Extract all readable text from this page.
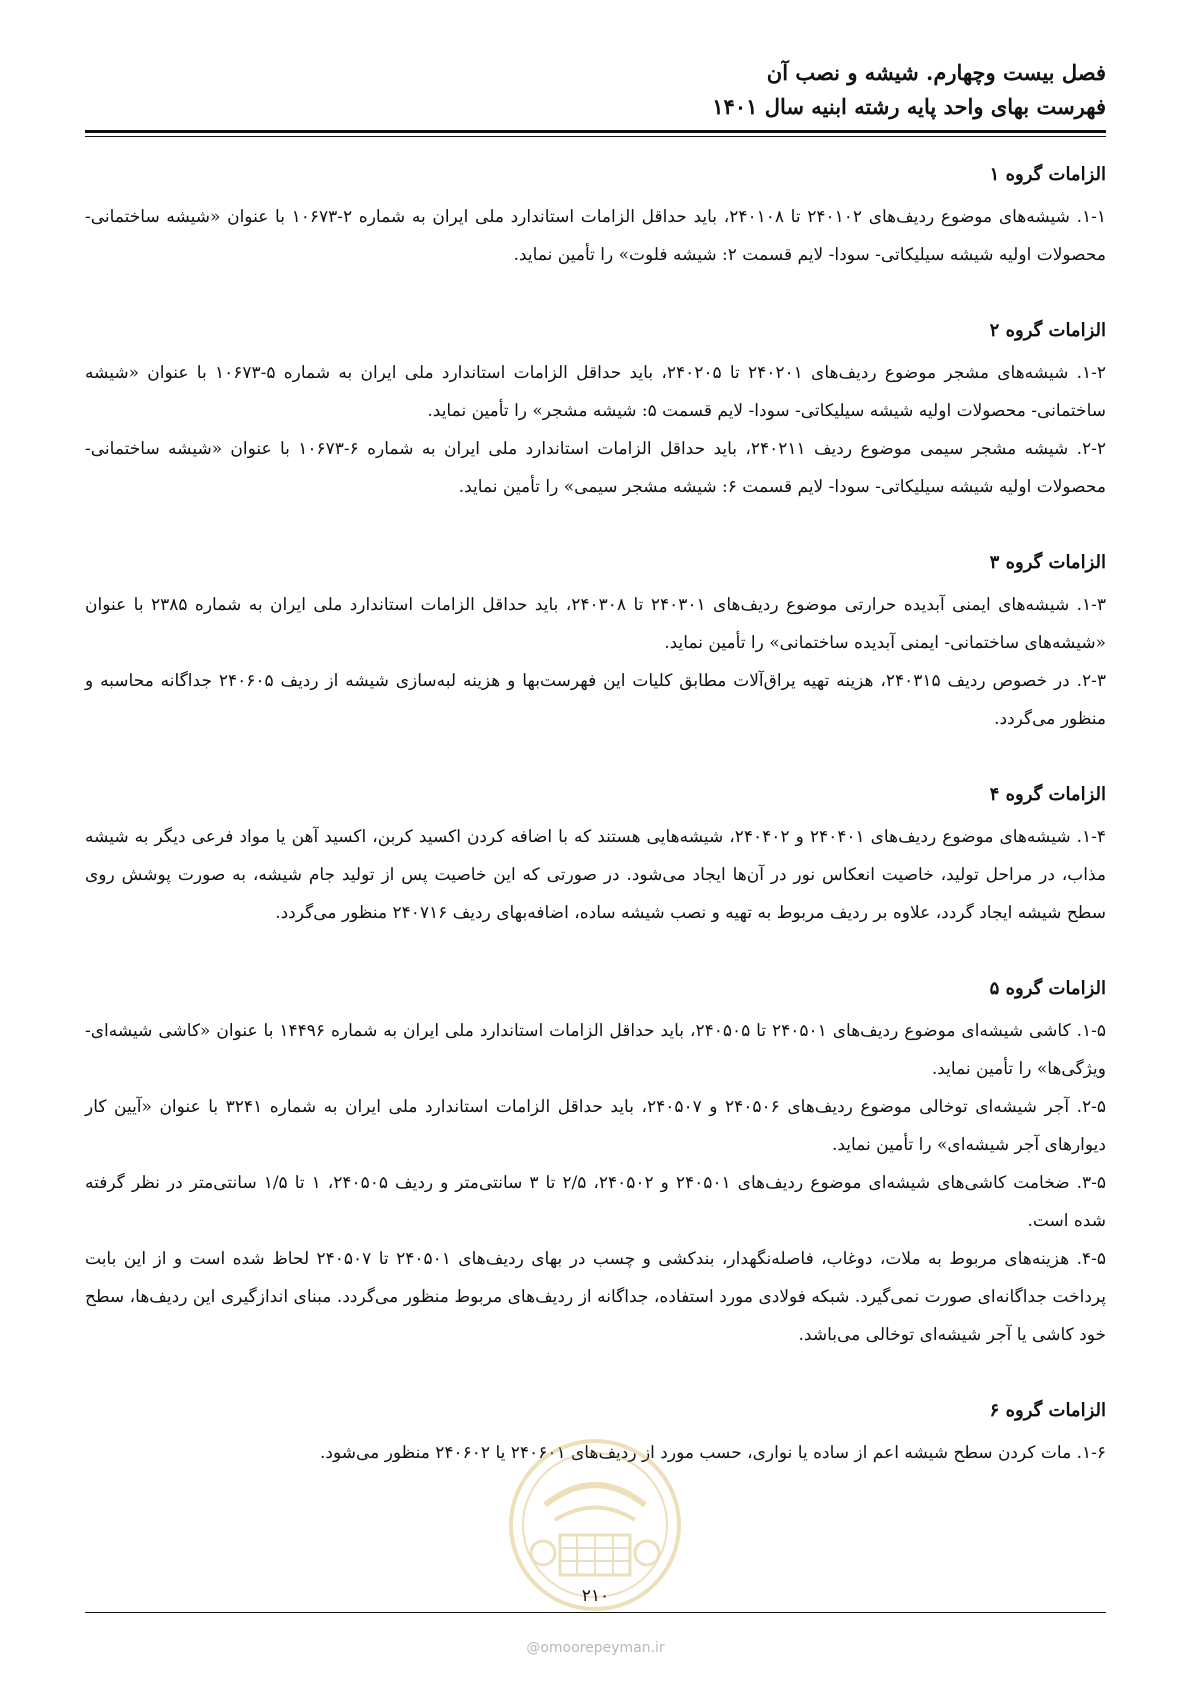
فصل بیست وچهارم. شیشه و نصب آن
فهرست بهای واحد پایه رشته ابنیه سال ۱۴۰۱
الزامات گروه ۱
۱-۱. شیشه‌های موضوع ردیف‌های ۲۴۰۱۰۲ تا ۲۴۰۱۰۸، باید حداقل الزامات استاندارد ملی ایران به شماره ۲-۱۰۶۷۳ با عنوان «شیشه ساختمانی- محصولات اولیه شیشه سیلیکاتی- سودا- لایم قسمت ۲: شیشه فلوت» را تأمین نماید.
الزامات گروه ۲
۱-۲. شیشه‌های مشجر موضوع ردیف‌های ۲۴۰۲۰۱ تا ۲۴۰۲۰۵، باید حداقل الزامات استاندارد ملی ایران به شماره ۵-۱۰۶۷۳ با عنوان «شیشه ساختمانی- محصولات اولیه شیشه سیلیکاتی- سودا- لایم قسمت ۵: شیشه مشجر» را تأمین نماید.
۲-۲. شیشه مشجر سیمی موضوع ردیف ۲۴۰۲۱۱، باید حداقل الزامات استاندارد ملی ایران به شماره ۶-۱۰۶۷۳ با عنوان «شیشه ساختمانی- محصولات اولیه شیشه سیلیکاتی- سودا- لایم قسمت ۶: شیشه مشجر سیمی» را تأمین نماید.
الزامات گروه ۳
۱-۳. شیشه‌های ایمنی آبدیده حرارتی موضوع ردیف‌های ۲۴۰۳۰۱ تا ۲۴۰۳۰۸، باید حداقل الزامات استاندارد ملی ایران به شماره ۲۳۸۵ با عنوان «شیشه‌های ساختمانی- ایمنی آبدیده ساختمانی» را تأمین نماید.
۲-۳. در خصوص ردیف ۲۴۰۳۱۵، هزینه تهیه یراق‌آلات مطابق کلیات این فهرست‌بها و هزینه لبه‌سازی شیشه از ردیف ۲۴۰۶۰۵ جداگانه محاسبه و منظور می‌گردد.
الزامات گروه ۴
۱-۴. شیشه‌های موضوع ردیف‌های ۲۴۰۴۰۱ و ۲۴۰۴۰۲، شیشه‌هایی هستند که با اضافه کردن اکسید کربن، اکسید آهن یا مواد فرعی دیگر به شیشه مذاب، در مراحل تولید، خاصیت انعکاس نور در آن‌ها ایجاد می‌شود. در صورتی که این خاصیت پس از تولید جام شیشه، به صورت پوشش روی سطح شیشه ایجاد گردد، علاوه بر ردیف مربوط به تهیه و نصب شیشه ساده، اضافه‌بهای ردیف ۲۴۰۷۱۶ منظور می‌گردد.
الزامات گروه ۵
۱-۵. کاشی شیشه‌ای موضوع ردیف‌های ۲۴۰۵۰۱ تا ۲۴۰۵۰۵، باید حداقل الزامات استاندارد ملی ایران به شماره ۱۴۴۹۶ با عنوان «کاشی شیشه‌ای- ویژگی‌ها» را تأمین نماید.
۲-۵. آجر شیشه‌ای توخالی موضوع ردیف‌های ۲۴۰۵۰۶ و ۲۴۰۵۰۷، باید حداقل الزامات استاندارد ملی ایران به شماره ۳۲۴۱ با عنوان «آیین کار دیوارهای آجر شیشه‌ای» را تأمین نماید.
۳-۵. ضخامت کاشی‌های شیشه‌ای موضوع ردیف‌های ۲۴۰۵۰۱ و ۲۴۰۵۰۲، ۲/۵ تا ۳ سانتی‌متر و ردیف ۲۴۰۵۰۵، ۱ تا ۱/۵ سانتی‌متر در نظر گرفته شده است.
۴-۵. هزینه‌های مربوط به ملات، دوغاب، فاصله‌نگهدار، بندکشی و چسب در بهای ردیف‌های ۲۴۰۵۰۱ تا ۲۴۰۵۰۷ لحاظ شده است و از این بابت پرداخت جداگانه‌ای صورت نمی‌گیرد. شبکه فولادی مورد استفاده، جداگانه از ردیف‌های مربوط منظور می‌گردد. مبنای اندازگیری این ردیف‌ها، سطح خود کاشی یا آجر شیشه‌ای توخالی می‌باشد.
الزامات گروه ۶
۱-۶. مات کردن سطح شیشه اعم از ساده یا نواری، حسب مورد از ردیف‌های ۲۴۰۶۰۱ یا ۲۴۰۶۰۲ منظور می‌شود.
۲۱۰
@omoorepeyman.ir
